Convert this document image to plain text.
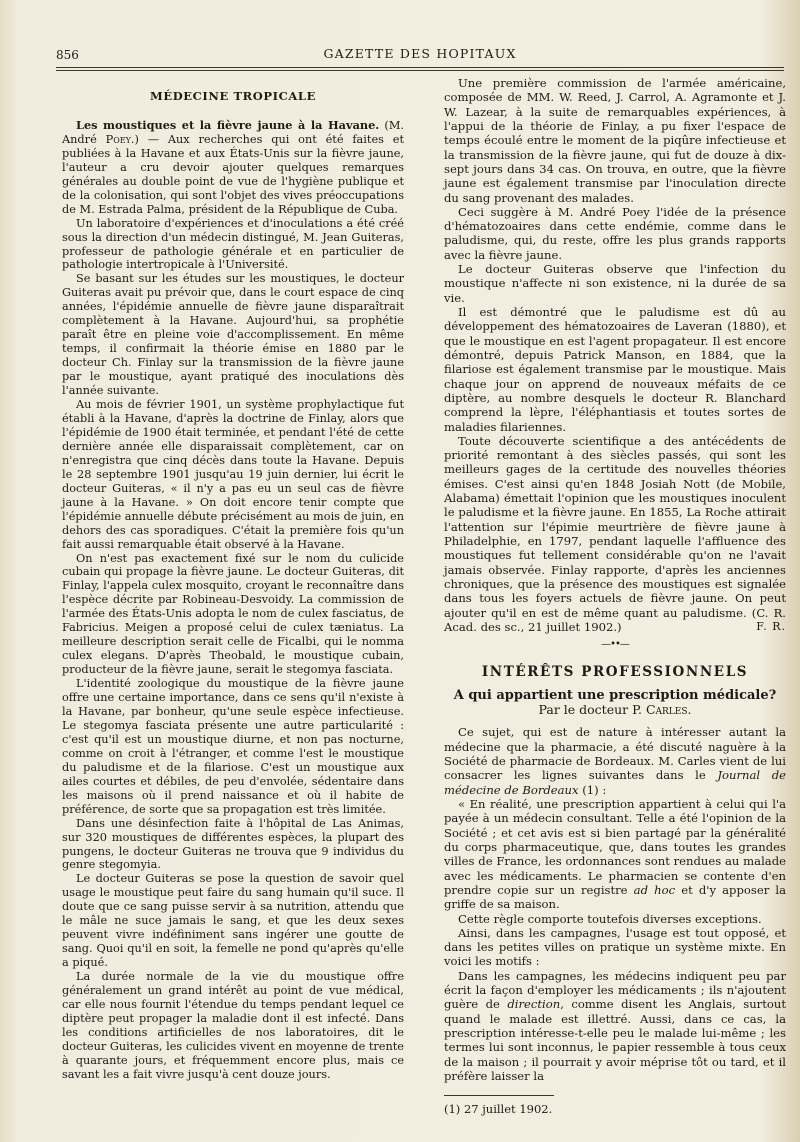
856	GAZETTE DES HOPITAUX
MÉDECINE TROPICALE

Les moustiques et la fièvre jaune à la Havane. (M. André Poey.) — Aux recherches qui ont été faites et publiées à la Havane et aux États-Unis sur la fièvre jaune, l'auteur a cru devoir ajouter quelques remarques générales au double point de vue de l'hygiène publique et de la colonisation, qui sont l'objet des vives préoccupations de M. Estrada Palma, président de la République de Cuba.

Un laboratoire d'expériences et d'inoculations a été créé sous la direction d'un médecin distingué, M. Jean Guiteras, professeur de pathologie générale et en particulier de pathologie intertropicale à l'Université.

Se basant sur les études sur les moustiques, le docteur Guiteras avait pu prévoir que, dans le court espace de cinq années, l'épidémie annuelle de fièvre jaune disparaîtrait complètement à la Havane. Aujourd'hui, sa prophétie paraît être en pleine voie d'accomplissement. En même temps, il confirmait la théorie émise en 1880 par le docteur Ch. Finlay sur la transmission de la fièvre jaune par le moustique, ayant pratiqué des inoculations dès l'année suivante.

Au mois de février 1901, un système prophylactique fut établi à la Havane, d'après la doctrine de Finlay, alors que l'épidémie de 1900 était terminée, et pendant l'été de cette dernière année elle disparaissait complètement, car on n'enregistra que cinq décès dans toute la Havane. Depuis le 28 septembre 1901 jusqu'au 19 juin dernier, lui écrit le docteur Guiteras, « il n'y a pas eu un seul cas de fièvre jaune à la Havane. » On doit encore tenir compte que l'épidémie annuelle débute précisément au mois de juin, en dehors des cas sporadiques. C'était la première fois qu'un fait aussi remarquable était observé à la Havane.

On n'est pas exactement fixé sur le nom du culicide cubain qui propage la fièvre jaune. Le docteur Guiteras, dit Finlay, l'appela culex mosquito, croyant le reconnaître dans l'espèce décrite par Robineau-Desvoidy. La commission de l'armée des États-Unis adopta le nom de culex fasciatus, de Fabricius. Meigen a proposé celui de culex tæniatus. La meilleure description serait celle de Ficalbi, qui le nomma culex elegans. D'après Theobald, le moustique cubain, producteur de la fièvre jaune, serait le stegomya fasciata.

L'identité zoologique du moustique de la fièvre jaune offre une certaine importance, dans ce sens qu'il n'existe à la Havane, par bonheur, qu'une seule espèce infectieuse. Le stegomya fasciata présente une autre particularité : c'est qu'il est un moustique diurne, et non pas nocturne, comme on croit à l'étranger, et comme l'est le moustique du paludisme et de la filariose. C'est un moustique aux ailes courtes et débiles, de peu d'envolée, sédentaire dans les maisons où il prend naissance et où il habite de préférence, de sorte que sa propagation est très limitée.

Dans une désinfection faite à l'hôpital de Las Animas, sur 320 moustiques de différentes espèces, la plupart des pungens, le docteur Guiteras ne trouva que 9 individus du genre stegomyia.

Le docteur Guiteras se pose la question de savoir quel usage le moustique peut faire du sang humain qu'il suce. Il doute que ce sang puisse servir à sa nutrition, attendu que le mâle ne suce jamais le sang, et que les deux sexes peuvent vivre indéfiniment sans ingérer une goutte de sang. Quoi qu'il en soit, la femelle ne pond qu'après qu'elle a piqué.

La durée normale de la vie du moustique offre généralement un grand intérêt au point de vue médical, car elle nous fournit l'étendue du temps pendant lequel ce diptère peut propager la maladie dont il est infecté. Dans les conditions artificielles de nos laboratoires, dit le docteur Guiteras, les culicides vivent en moyenne de trente à quarante jours, et fréquemment encore plus, mais ce savant les a fait vivre jusqu'à cent douze jours.

Une première commission de l'armée américaine, composée de MM. W. Reed, J. Carrol, A. Agramonte et J. W. Lazear, à la suite de remarquables expériences, à l'appui de la théorie de Finlay, a pu fixer l'espace de temps écoulé entre le moment de la piqûre infectieuse et la transmission de la fièvre jaune, qui fut de douze à dix-sept jours dans 34 cas. On trouva, en outre, que la fièvre jaune est également transmise par l'inoculation directe du sang provenant des malades.

Ceci suggère à M. André Poey l'idée de la présence d'hématozoaires dans cette endémie, comme dans le paludisme, qui, du reste, offre les plus grands rapports avec la fièvre jaune.

Le docteur Guiteras observe que l'infection du moustique n'affecte ni son existence, ni la durée de sa vie.

Il est démontré que le paludisme est dû au développement des hématozoaires de Laveran (1880), et que le moustique en est l'agent propagateur. Il est encore démontré, depuis Patrick Manson, en 1884, que la filariose est également transmise par le moustique. Mais chaque jour on apprend de nouveaux méfaits de ce diptère, au nombre desquels le docteur R. Blanchard comprend la lèpre, l'éléphantiasis et toutes sortes de maladies filariennes.

Toute découverte scientifique a des antécédents de priorité remontant à des siècles passés, qui sont les meilleurs gages de la certitude des nouvelles théories émises. C'est ainsi qu'en 1848 Josiah Nott (de Mobile, Alabama) émettait l'opinion que les moustiques inoculent le paludisme et la fièvre jaune. En 1855, La Roche attirait l'attention sur l'épimie meurtrière de fièvre jaune à Philadelphie, en 1797, pendant laquelle l'affluence des moustiques fut tellement considérable qu'on ne l'avait jamais observée. Finlay rapporte, d'après les anciennes chroniques, que la présence des moustiques est signalée dans tous les foyers actuels de fièvre jaune. On peut ajouter qu'il en est de même quant au paludisme. (C. R. Acad. des sc., 21 juillet 1902.)	F. R.

—••—
INTÉRÊTS PROFESSIONNELS
A qui appartient une prescription médicale?
Par le docteur P. Carles.

Ce sujet, qui est de nature à intéresser autant la médecine que la pharmacie, a été discuté naguère à la Société de pharmacie de Bordeaux. M. Carles vient de lui consacrer les lignes suivantes dans le Journal de médecine de Bordeaux (1) :

« En réalité, une prescription appartient à celui qui l'a payée à un médecin consultant. Telle a été l'opinion de la Société ; et cet avis est si bien partagé par la généralité du corps pharmaceutique, que, dans toutes les grandes villes de France, les ordonnances sont rendues au malade avec les médicaments. Le pharmacien se contente d'en prendre copie sur un registre ad hoc et d'y apposer la griffe de sa maison.

Cette règle comporte toutefois diverses exceptions.

Ainsi, dans les campagnes, l'usage est tout opposé, et dans les petites villes on pratique un système mixte. En voici les motifs :

Dans les campagnes, les médecins indiquent peu par écrit la façon d'employer les médicaments ; ils n'ajoutent guère de direction, comme disent les Anglais, surtout quand le malade est illettré. Aussi, dans ce cas, la prescription intéresse-t-elle peu le malade lui-même ; les termes lui sont inconnus, le papier ressemble à tous ceux de la maison ; il pourrait y avoir méprise tôt ou tard, et il préfère laisser la

(1) 27 juillet 1902.
